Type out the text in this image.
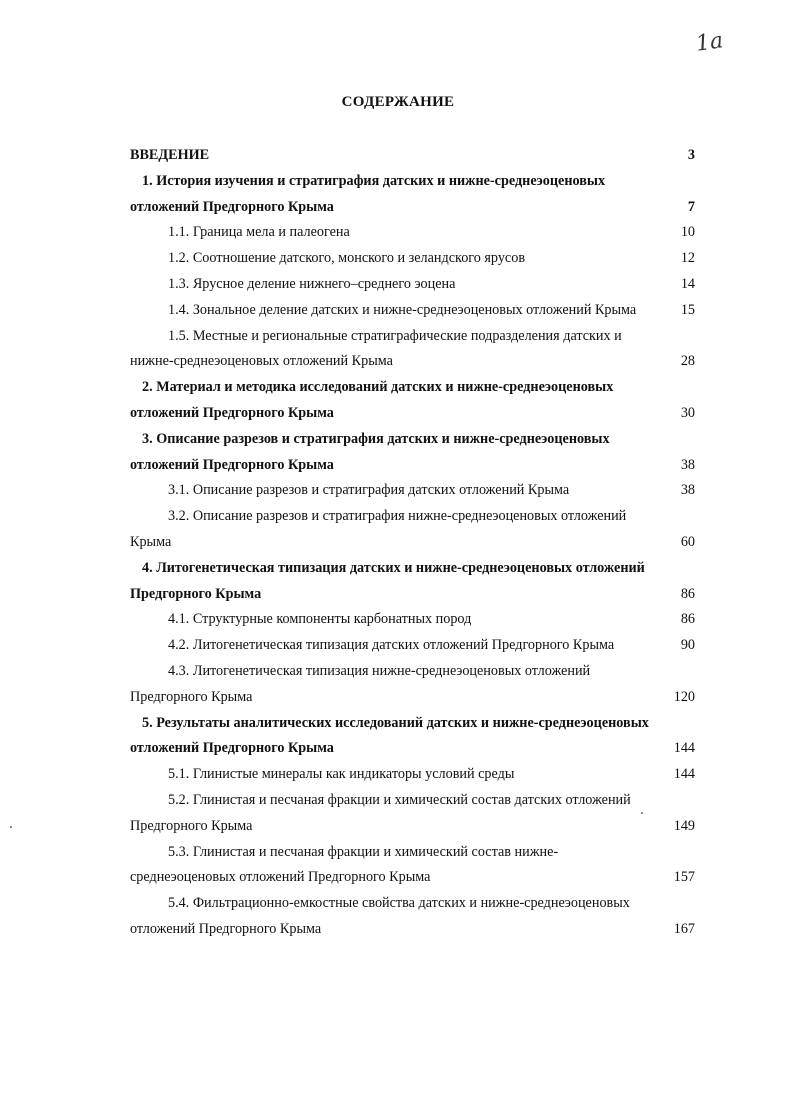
1a
СОДЕРЖАНИЕ
ВВЕДЕНИЕ	3
1. История изучения и стратиграфия датских и нижне-среднеэоценовых отложений Предгорного Крыма	7
1.1. Граница мела и палеогена	10
1.2. Соотношение датского, монского и зеландского ярусов	12
1.3. Ярусное деление нижнего–среднего эоцена	14
1.4. Зональное деление датских и нижне-среднеэоценовых отложений Крыма	15
1.5. Местные и региональные стратиграфические подразделения датских и нижне-среднеэоценовых отложений Крыма	28
2. Материал и методика исследований датских и нижне-среднеэоценовых отложений Предгорного Крыма	30
3. Описание разрезов и стратиграфия датских и нижне-среднеэоценовых отложений Предгорного Крыма	38
3.1. Описание разрезов и стратиграфия датских отложений Крыма	38
3.2. Описание разрезов и стратиграфия нижне-среднеэоценовых отложений Крыма	60
4. Литогенетическая типизация датских и нижне-среднеэоценовых отложений Предгорного Крыма	86
4.1. Структурные компоненты карбонатных пород	86
4.2. Литогенетическая типизация датских отложений Предгорного Крыма	90
4.3. Литогенетическая типизация нижне-среднеэоценовых отложений Предгорного Крыма	120
5. Результаты аналитических исследований датских и нижне-среднеэоценовых отложений Предгорного Крыма	144
5.1. Глинистые минералы как индикаторы условий среды	144
5.2. Глинистая и песчаная фракции и химический состав датских отложений Предгорного Крыма	149
5.3. Глинистая и песчаная фракции и химический состав нижне-среднеэоценовых отложений Предгорного Крыма	157
5.4. Фильтрационно-емкостные свойства датских и нижне-среднеэоценовых отложений Предгорного Крыма	167
